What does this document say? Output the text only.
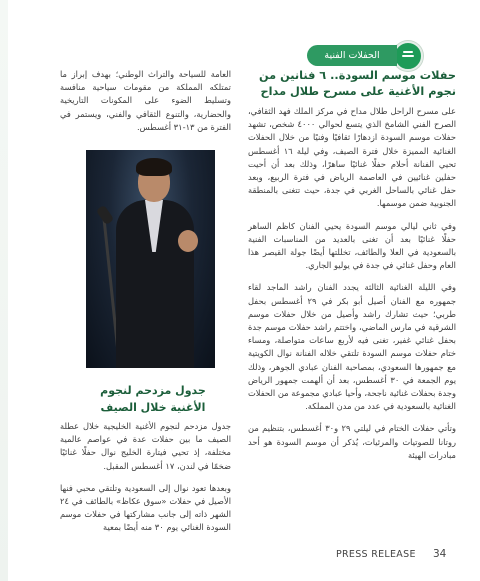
الحفلات الفنية
حفلات موسم السودة.. ٦ فنانين من نجوم الأغنية على مسرح طلال مداح

على مسرح الراحل طلال مداح في مركز الملك فهد الثقافي، الصرح الفني الشامخ الذي يتسع لحوالي ٤٠٠٠ شخص، تشهد حفلات موسم السودة ازدهارًا ثقافيًا وفنيًا من خلال الحفلات الغنائية المميزة خلال فترة الصيف، وفي ليلة ١٦ أغسطس تحيي الفنانة أحلام حفلًا غنائيًا ساهرًا، وذلك بعد أن أحيت حفلين غنائيين في العاصمة الرياض في فترة الربيع، وبعد حفل غنائي بالساحل الغربي في جدة، حيث تتغنى بالمنطقة الجنوبية ضمن موسمها.

وفي ثاني ليالي موسم السودة يحيي الفنان كاظم الساهر حفلًا غنائيًا بعد أن تغنى بالعديد من المناسبات الفنية بالسعودية في العلا والطائف، تخللتها أيضًا جولة القيصر هذا العام وحفل غنائي في جدة في يوليو الجاري.

وفي الليلة الغنائية الثالثة يجدد الفنان راشد الماجد لقاء جمهوره مع الفنان أصيل أبو بكر في ٢٩ أغسطس بحفل طربي؛ حيث تشارك راشد وأصيل من خلال حفلات موسم الشرقية في مارس الماضي، واختتم راشد حفلات موسم جدة بحفل غنائي غفير، تغنى فيه لأربع ساعات متواصلة، ومساء ختام حفلات موسم السودة تلتقي خلاله الفنانة نوال الكويتية مع جمهورها السعودي، بمصاحبة الفنان عبادي الجوهر، وذلك يوم الجمعة في ٣٠ أغسطس، بعد أن ألهمت جمهور الرياض وجدة بحفلات غنائية ناجحة، وأحيا عبادي مجموعة من الحفلات الغنائية بالسعودية في عدد من مدن المملكة.

وتأتي حفلات الختام في ليلتي ٢٩ و٣٠ أغسطس، بتنظيم من روتانا للصوتيات والمرئيات، يُذكر أن موسم السودة هو أحد مبادرات الهيئة

العامة للسياحة والتراث الوطني؛ بهدف إبراز ما تمتلكه المملكة من مقومات سياحية منافسة وتسليط الضوء على المكونات التاريخية والحضارية، والتنوع الثقافي والفني، ويستمر في الفترة من ١٣-٣١ أغسطس.

جدول مزدحم لنجوم الأغنية خلال الصيف

جدول مزدحم لنجوم الأغنية الخليجية خلال عطلة الصيف ما بين حفلات عدة في عواصم عالمية مختلفة، إذ تحيي فيتارة الخليج نوال حفلًا غنائيًا ضخمًا في لندن، ١٧ أغسطس المقبل.

وبعدها تعود نوال إلى السعودية وتلتقي محبي فنها الأصيل في حفلات «سوق عكاظ» بالطائف في ٢٤ الشهر ذاته إلى جانب مشاركتها في حفلات موسم السودة الغنائي يوم ٣٠ منه أيضًا بمعية

PRESS RELEASE 34
